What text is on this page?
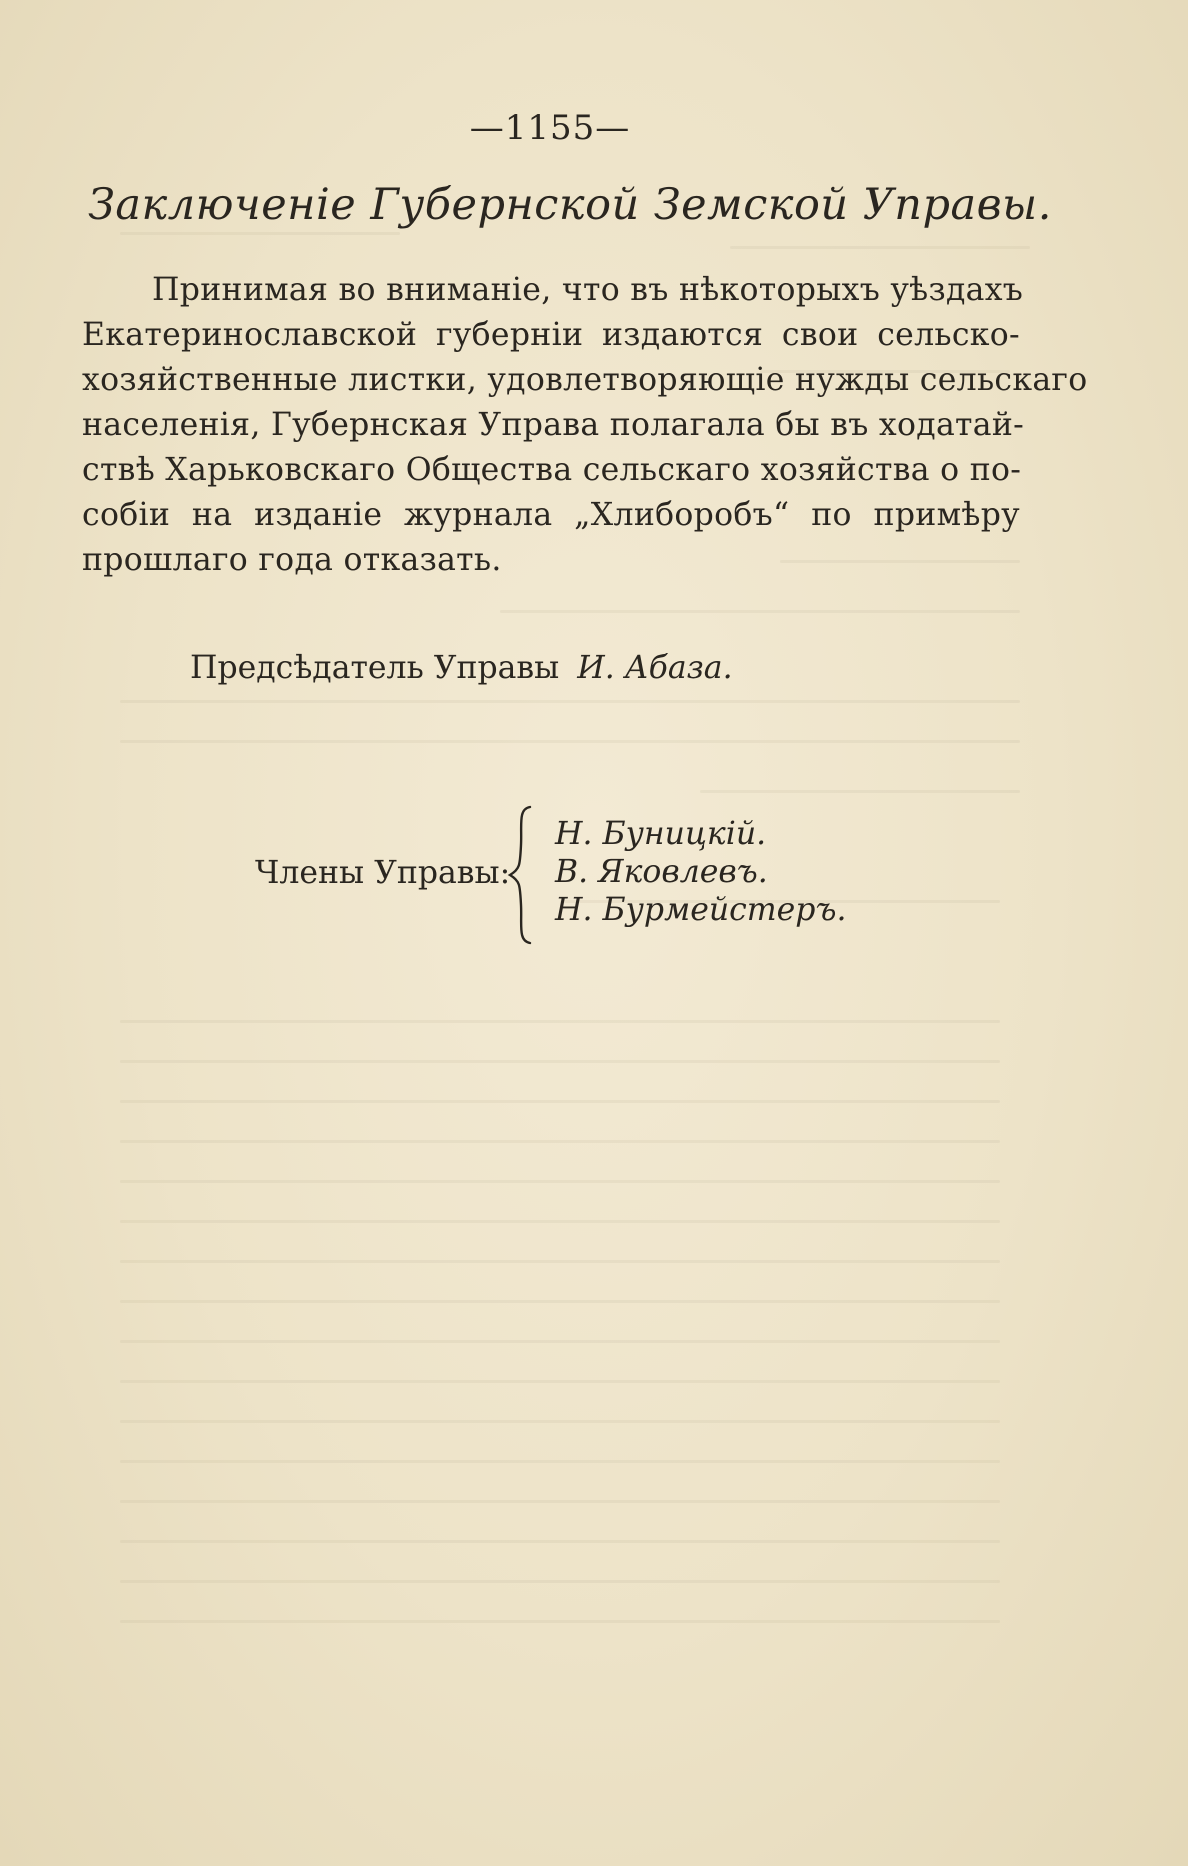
—1155—
Заключеніе Губернской Земской Управы.
Принимая во вниманіе, что въ нѣкоторыхъ уѣздахъ
Екатеринославской губерніи издаются свои сельско-
хозяйственные листки, удовлетворяющіе нужды сельскаго
населенія, Губернская Управа полагала бы въ ходатай-
ствѣ Харьковскаго Общества сельскаго хозяйства о по-
собіи на изданіе журнала „Хлиборобъ“ по примѣру
прошлаго года отказать.
Предсѣдатель Управы И. Абаза.
Члены Управы:
Н. Буницкій.
В. Яковлевъ.
Н. Бурмейстеръ.
